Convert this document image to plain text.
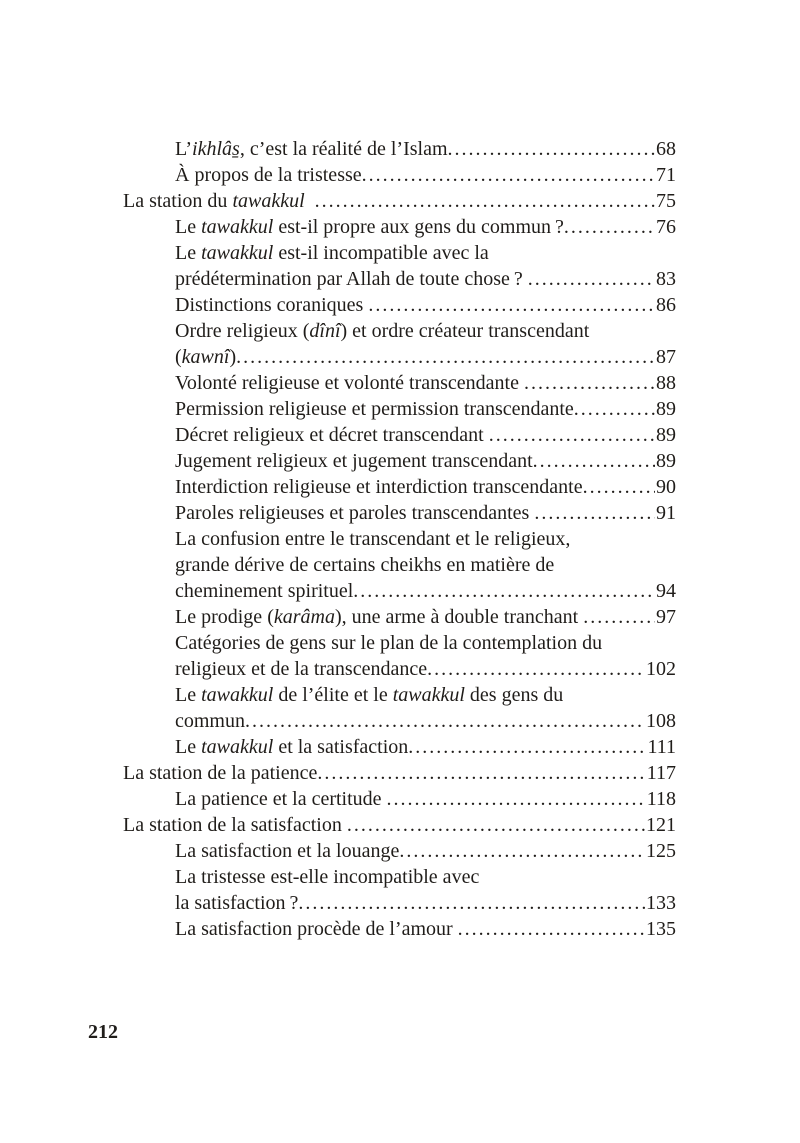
L’ikhlâs̱, c’est la réalité de l’Islam .....	68
À propos de la tristesse .....	71
La station du tawakkul .....	75
Le tawakkul est-il propre aux gens du commun ? .....	76
Le tawakkul est-il incompatible avec la
prédétermination par Allah de toute chose ? .....	83
Distinctions coraniques .....	86
Ordre religieux (dînî) et ordre créateur transcendant
(kawnî) .....	87
Volonté religieuse et volonté transcendante .....	88
Permission religieuse et permission transcendante .....	89
Décret religieux et décret transcendant .....	89
Jugement religieux et jugement transcendant .....	89
Interdiction religieuse et interdiction transcendante .....	90
Paroles religieuses et paroles transcendantes .....	91
La confusion entre le transcendant et le religieux,
grande dérive de certains cheikhs en matière de
cheminement spirituel .....	94
Le prodige (karâma), une arme à double tranchant .....	97
Catégories de gens sur le plan de la contemplation du
religieux et de la transcendance .....	102
Le tawakkul de l’élite et le tawakkul des gens du
commun .....	108
Le tawakkul et la satisfaction .....	111
La station de la patience .....	117
La patience et la certitude .....	118
La station de la satisfaction .....	121
La satisfaction et la louange .....	125
La tristesse est-elle incompatible avec
la satisfaction ? .....	133
La satisfaction procède de l’amour .....	135
212
